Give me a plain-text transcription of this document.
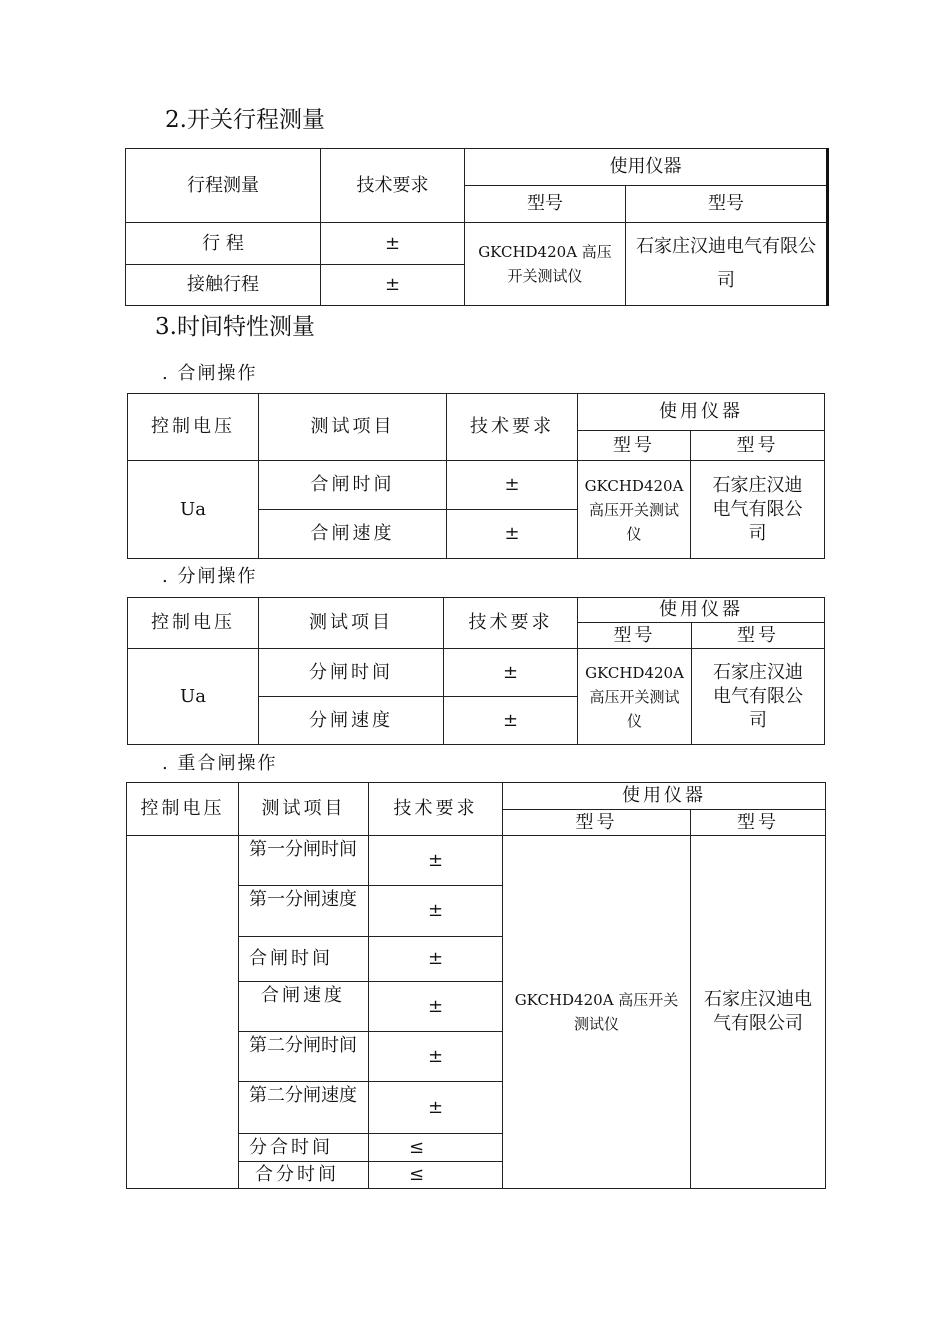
2.开关行程测量
行程测量	技术要求	使用仪器	
		型号	型号
行 程	±	GKCHD420A 高压开关测试仪	石家庄汉迪电气有限公司
接触行程	±		
3.时间特性测量
. 合闸操作
控制电压	测试项目	技术要求	使用仪器	
			型号	型号
Ua	合闸时间	±	GKCHD420A 高压开关测试仪	石家庄汉迪电气有限公司
	合闸速度	±		
. 分闸操作
控制电压	测试项目	技术要求	使用仪器	
			型号	型号
Ua	分闸时间	±	GKCHD420A 高压开关测试仪	石家庄汉迪电气有限公司
	分闸速度	±		
. 重合闸操作
控制电压	测试项目	技术要求	使用仪器	
			型号	型号
	第一分闸时间	±	GKCHD420A 高压开关测试仪	石家庄汉迪电气有限公司
	第一分闸速度	±		
	合闸时间	±		
	合闸速度	±		
	第二分闸时间	±		
	第二分闸速度	±		
	分合时间	≤		
	合分时间	≤		
